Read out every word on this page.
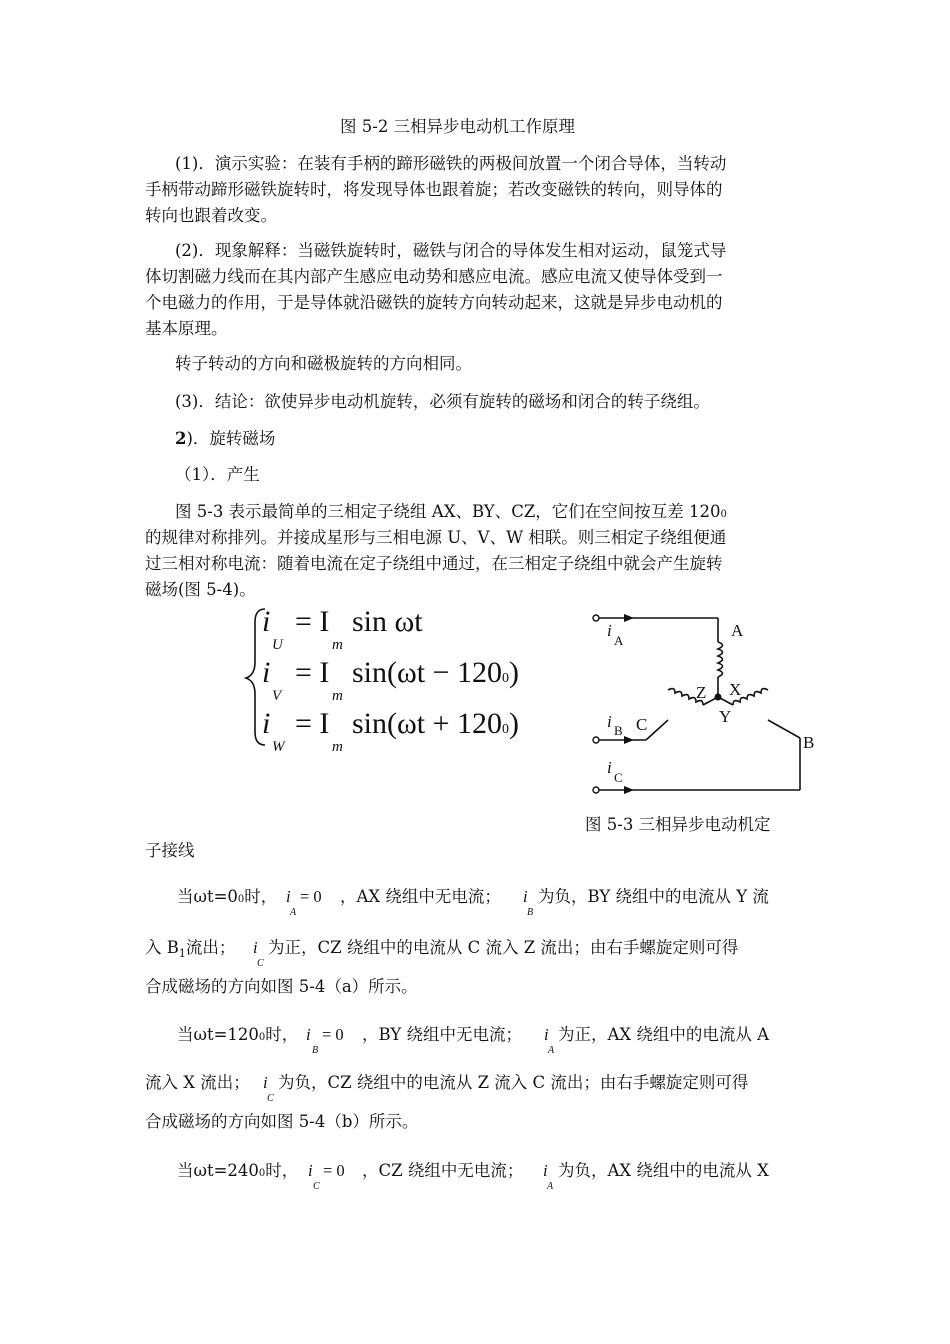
图 5-2 三相异步电动机工作原理
(1)．演示实验：在装有手柄的蹄形磁铁的两极间放置一个闭合导体，当转动
手柄带动蹄形磁铁旋转时，将发现导体也跟着旋；若改变磁铁的转向，则导体的
转向也跟着改变。
(2)．现象解释：当磁铁旋转时，磁铁与闭合的导体发生相对运动，鼠笼式导
体切割磁力线而在其内部产生感应电动势和感应电流。感应电流又使导体受到一
个电磁力的作用，于是导体就沿磁铁的旋转方向转动起来，这就是异步电动机的
基本原理。
转子转动的方向和磁极旋转的方向相同。
(3)．结论：欲使异步电动机旋转，必须有旋转的磁场和闭合的转子绕组。
2)．旋转磁场
（1）．产生
图 5-3 表示最简单的三相定子绕组 AX、BY、CZ，它们在空间按互差 1200
的规律对称排列。并接成星形与三相电源 U、V、W 相联。则三相定子绕组便通
过三相对称电流：随着电流在定子绕组中通过，在三相定子绕组中就会产生旋转
磁场(图 5-4)。
i = I sin ωt
U	m
i = I sin(ωt − 1200)
V	m
i = I sin(ωt + 1200)
W	m
i
A
i B
i
C
A
X
Z
Y
C
B
图 5-3 三相异步电动机定
子接线
当ωt=00时， i
A
= 0 ，AX 绕组中无电流； i
B
为负，BY 绕组中的电流从 Y 流
入 $B_1$流出； i
C
为正，CZ 绕组中的电流从 C 流入 Z 流出；由右手螺旋定则可得
合成磁场的方向如图 5-4（a）所示。
当ωt=1200时， i
B
= 0 ，BY 绕组中无电流； i
A
为正，AX 绕组中的电流从 A
流入 X 流出； i
C
为负，CZ 绕组中的电流从 Z 流入 C 流出；由右手螺旋定则可得
合成磁场的方向如图 5-4（b）所示。
当ωt=2400时， i
C
= 0 ，CZ 绕组中无电流； i
A
为负，AX 绕组中的电流从 X
